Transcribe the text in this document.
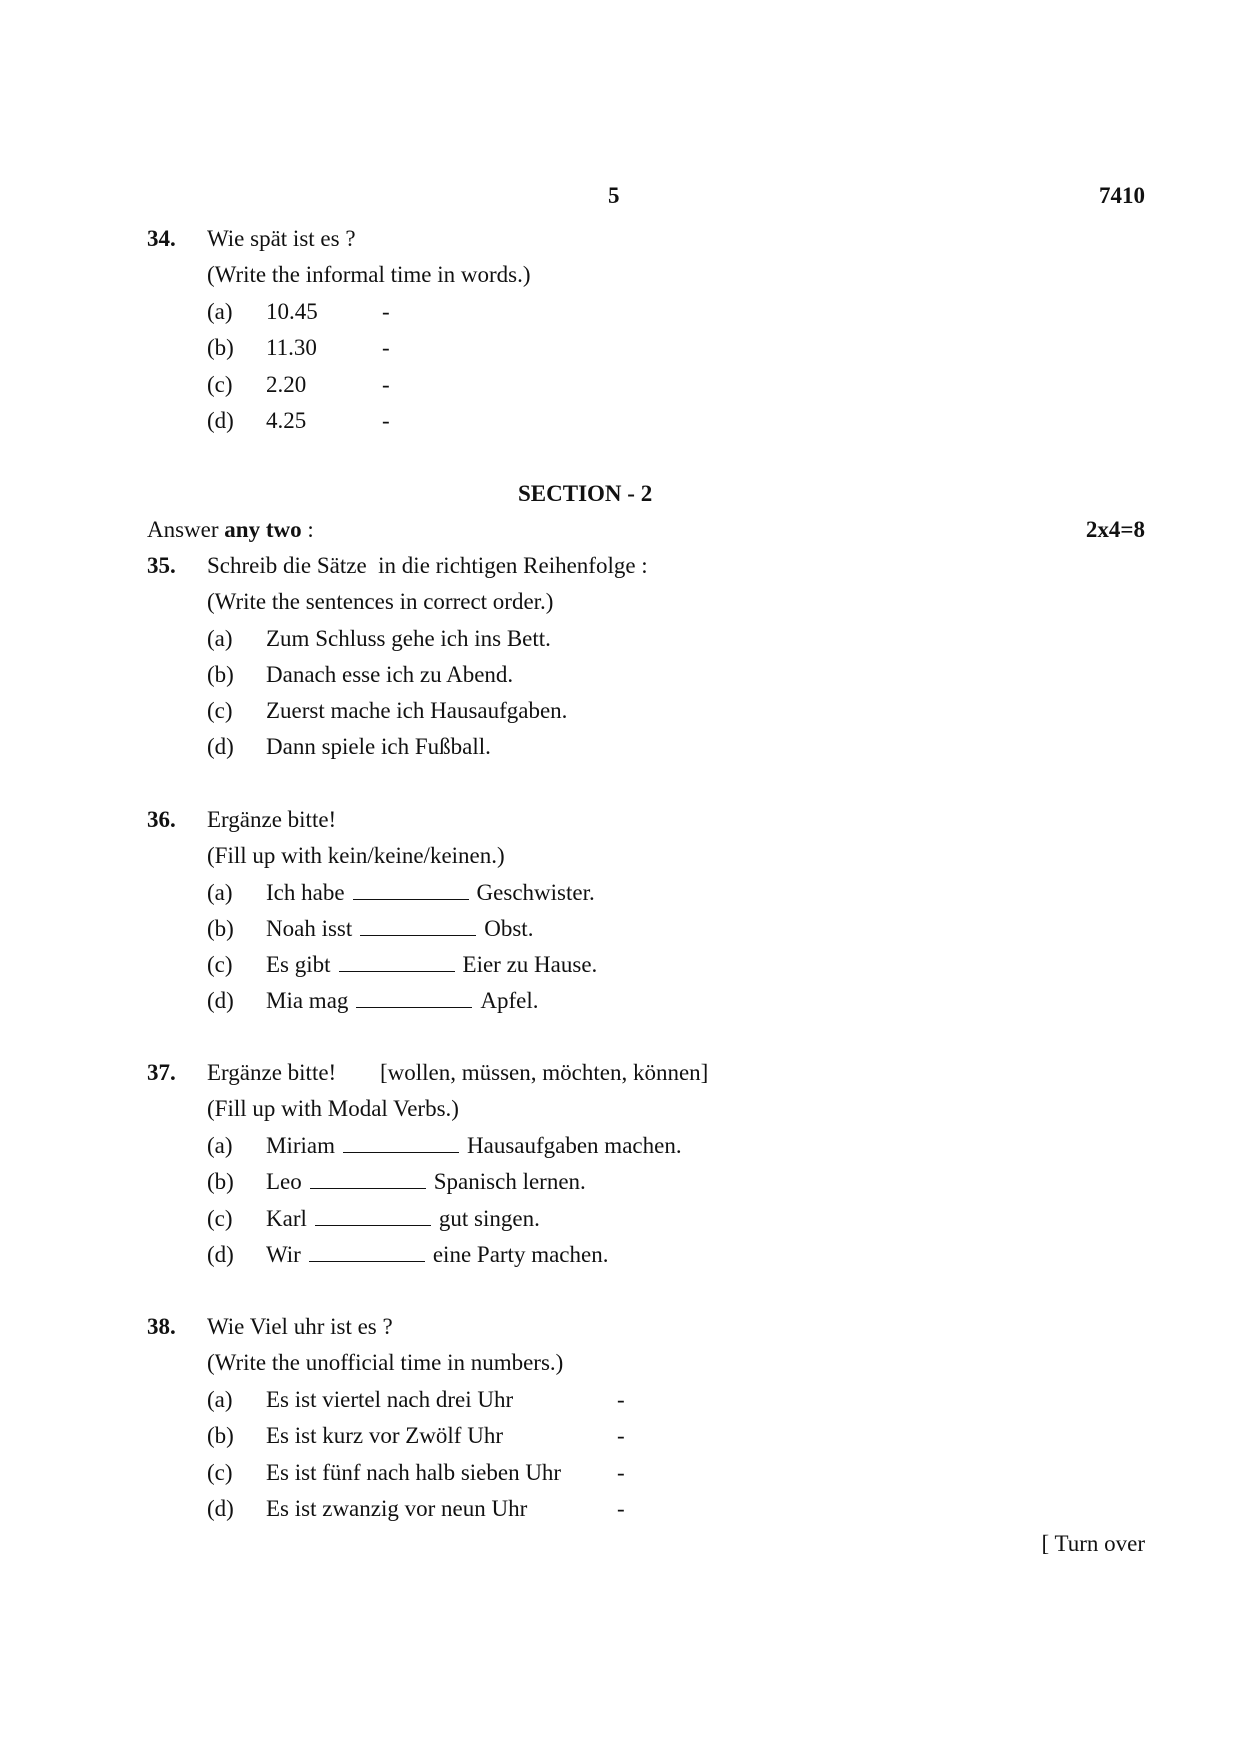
5	7410
34. Wie spät ist es ?
(Write the informal time in words.)
(a) 10.45	-
(b) 11.30	-
(c) 2.20	-
(d) 4.25	-
SECTION - 2
Answer any two :	2x4=8
35. Schreib die Sätze  in die richtigen Reihenfolge :
(Write the sentences in correct order.)
(a) Zum Schluss gehe ich ins Bett.
(b) Danach esse ich zu Abend.
(c) Zuerst mache ich Hausaufgaben.
(d) Dann spiele ich Fußball.
36. Ergänze bitte!
(Fill up with kein/keine/keinen.)
(a) Ich habe	Geschwister.
(b) Noah isst	Obst.
(c) Es gibt	Eier zu Hause.
(d) Mia mag	Apfel.
37. Ergänze bitte! [wollen, müssen, möchten, können]
(Fill up with Modal Verbs.)
(a) Miriam	Hausaufgaben machen.
(b) Leo	Spanisch lernen.
(c) Karl	gut singen.
(d) Wir	eine Party machen.
38. Wie Viel uhr ist es ?
(Write the unofficial time in numbers.)
(a) Es ist viertel nach drei Uhr	-
(b) Es ist kurz vor Zwölf Uhr	-
(c) Es ist fünf nach halb sieben Uhr -
(d) Es ist zwanzig vor neun Uhr	-
[ Turn over
